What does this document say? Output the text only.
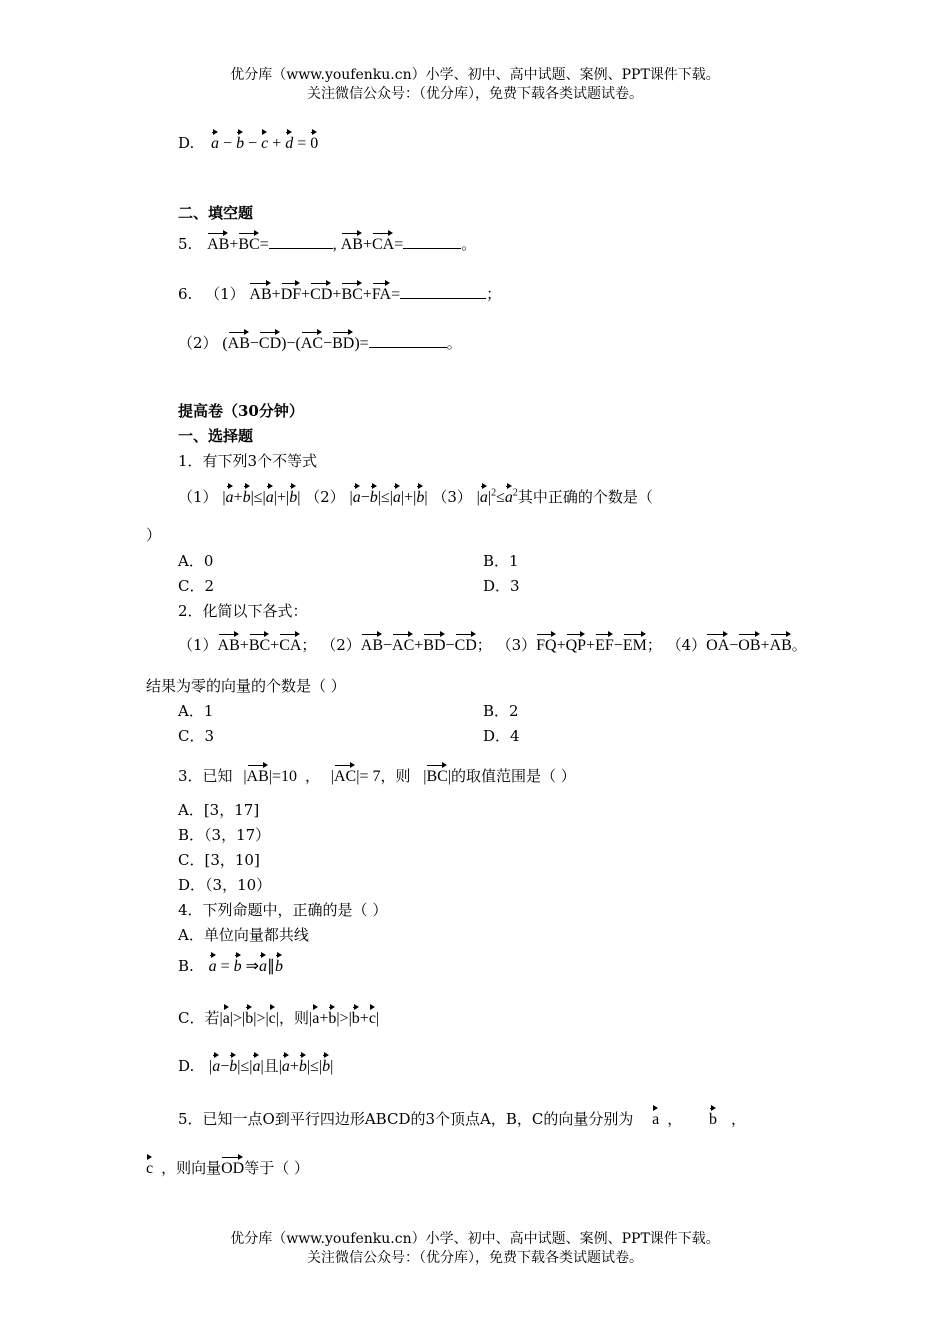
优分库（www.youfenku.cn）小学、初中、高中试题、案例、PPT课件下载。
关注微信公众号：（优分库），免费下载各类试题试卷。
D. a − b − c + d = 0
二、填空题
5. AB+BC=	, AB+CA=	。
6. （1） AB+DF+CD+BC+FA=	；
（2） (AB−CD)−(AC−BD)=	。
提高卷（30分钟）
一、选择题
1．有下列3个不等式
（1） |a+b|≤|a|+|b| （2） |a−b|≤|a|+|b| （3） $|a|^2\le a^2$其中正确的个数是（
）
A．0	B．1
C．2	D．3
2．化简以下各式：
（1）AB+BC+CA； （2）AB−AC+BD−CD； （3）FQ+QP+EF−EM； （4）OA−OB+AB。
结果为零的向量的个数是（ ）
A．1	B．2
C．3	D．4
3．已知 |AB|=10 ， |AC|= 7，则 |BC|的取值范围是（ ）
A．[3，17]
B．（3，17）
C．[3，10]
D．（3，10）
4．下列命题中，正确的是（ ）
A．单位向量都共线
B. a = b ⇒a∥b
C．若|a|>|b|>|c|，则|a+b|>|b+c|
D. |a−b|≤|a|且|a+b|≤|b|
5．已知一点O到平行四边形ABCD的3个顶点A，B，C的向量分别为 a ， b ，
c ，则向量OD等于（ ）
优分库（www.youfenku.cn）小学、初中、高中试题、案例、PPT课件下载。
关注微信公众号：（优分库），免费下载各类试题试卷。
